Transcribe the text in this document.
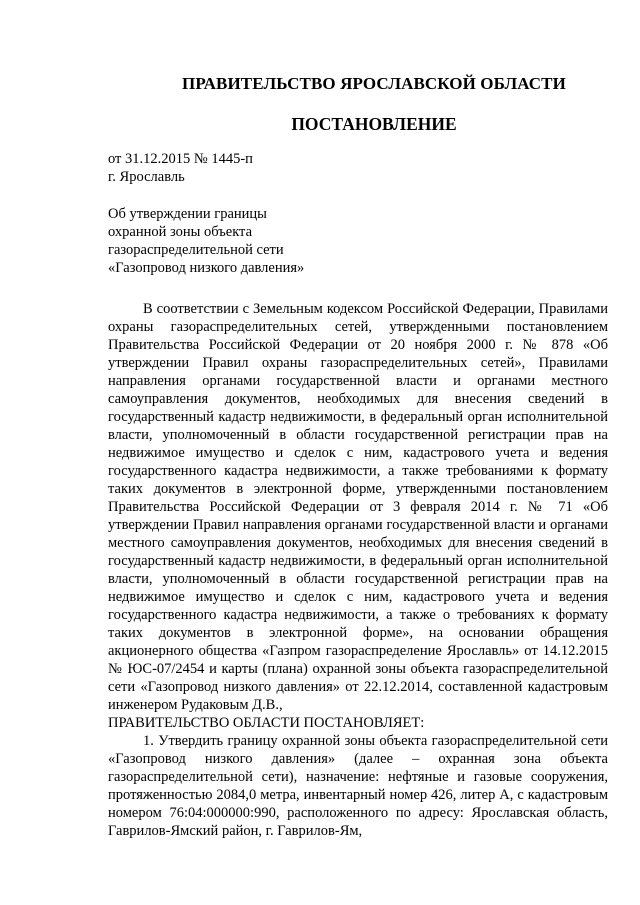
ПРАВИТЕЛЬСТВО ЯРОСЛАВСКОЙ ОБЛАСТИ
ПОСТАНОВЛЕНИЕ
от 31.12.2015 № 1445-п
г. Ярославль
Об утверждении границы
охранной зоны объекта
газораспределительной сети
«Газопровод низкого давления»

В соответствии с Земельным кодексом Российской Федерации, Правилами охраны газораспределительных сетей, утвержденными постановлением Правительства Российской Федерации от 20 ноября 2000 г. № 878 «Об утверждении Правил охраны газораспределительных сетей», Правилами направления органами государственной власти и органами местного самоуправления документов, необходимых для внесения сведений в государственный кадастр недвижимости, в федеральный орган исполнительной власти, уполномоченный в области государственной регистрации прав на недвижимое имущество и сделок с ним, кадастрового учета и ведения государственного кадастра недвижимости, а также требованиями к формату таких документов в электронной форме, утвержденными постановлением Правительства Российской Федерации от 3 февраля 2014 г. № 71 «Об утверждении Правил направления органами государственной власти и органами местного самоуправления документов, необходимых для внесения сведений в государственный кадастр недвижимости, в федеральный орган исполнительной власти, уполномоченный в области государственной регистрации прав на недвижимое имущество и сделок с ним, кадастрового учета и ведения государственного кадастра недвижимости, а также о требованиях к формату таких документов в электронной форме», на основании обращения акционерного общества «Газпром газораспределение Ярославль» от 14.12.2015 № ЮС-07/2454 и карты (плана) охранной зоны объекта газораспределительной сети «Газопровод низкого давления» от 22.12.2014, составленной кадастровым инженером Рудаковым Д.В.,

ПРАВИТЕЛЬСТВО ОБЛАСТИ ПОСТАНОВЛЯЕТ:

1. Утвердить границу охранной зоны объекта газораспределительной сети «Газопровод низкого давления» (далее – охранная зона объекта газораспределительной сети), назначение: нефтяные и газовые сооружения, протяженностью 2084,0 метра, инвентарный номер 426, литер А, с кадастровым номером 76:04:000000:990, расположенного по адресу: Ярославская область, Гаврилов-Ямский район, г. Гаврилов-Ям,
